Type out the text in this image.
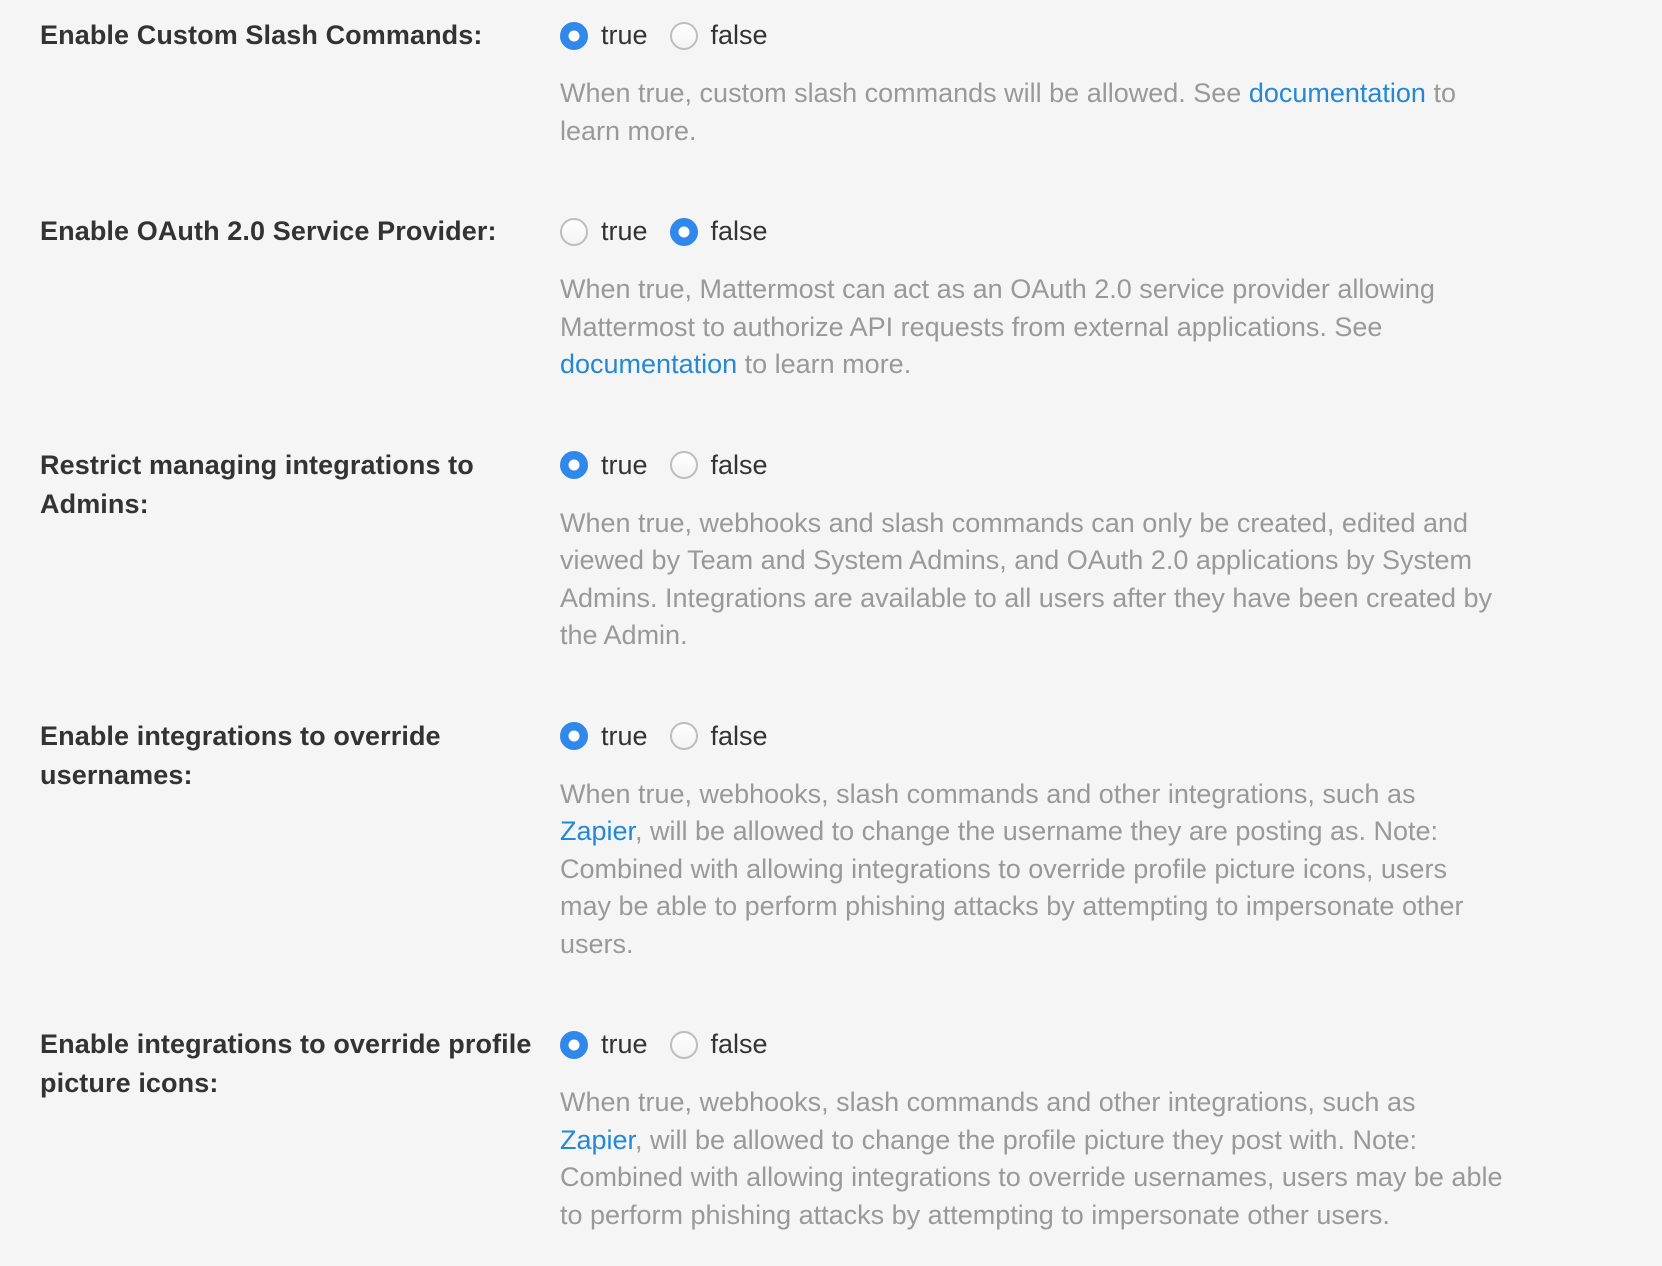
Enable Custom Slash Commands:	true false
When true, custom slash commands will be allowed. See documentation to learn more.
Enable OAuth 2.0 Service Provider:	true false
When true, Mattermost can act as an OAuth 2.0 service provider allowing Mattermost to authorize API requests from external applications. See documentation to learn more.
Restrict managing integrations to Admins:
true false
When true, webhooks and slash commands can only be created, edited and viewed by Team and System Admins, and OAuth 2.0 applications by System Admins. Integrations are available to all users after they have been created by the Admin.
Enable integrations to override usernames:
true false
When true, webhooks, slash commands and other integrations, such as Zapier, will be allowed to change the username they are posting as. Note: Combined with allowing integrations to override profile picture icons, users may be able to perform phishing attacks by attempting to impersonate other users.
Enable integrations to override profile picture icons:
true false
When true, webhooks, slash commands and other integrations, such as Zapier, will be allowed to change the profile picture they post with. Note: Combined with allowing integrations to override usernames, users may be able to perform phishing attacks by attempting to impersonate other users.
